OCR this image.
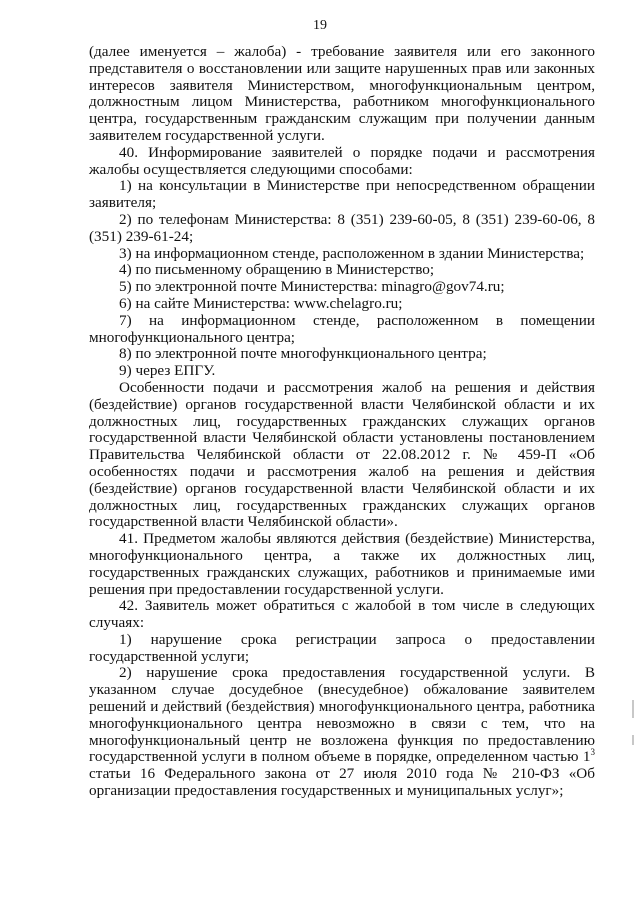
19

(далее именуется – жалоба) - требование заявителя или его законного представителя о восстановлении или защите нарушенных прав или законных интересов заявителя Министерством, многофункциональным центром, должностным лицом Министерства, работником многофункционального центра, государственным гражданским служащим при получении данным заявителем государственной услуги.

40. Информирование заявителей о порядке подачи и рассмотрения жалобы осуществляется следующими способами:

1) на консультации в Министерстве при непосредственном обращении заявителя;

2) по телефонам Министерства: 8 (351) 239-60-05, 8 (351) 239-60-06, 8 (351) 239-61-24;

3) на информационном стенде, расположенном в здании Министерства;

4) по письменному обращению в Министерство;

5) по электронной почте Министерства: minagro@gov74.ru;

6) на сайте Министерства: www.chelagro.ru;

7) на информационном стенде, расположенном в помещении многофункционального центра;

8) по электронной почте многофункционального центра;

9) через ЕПГУ.

Особенности подачи и рассмотрения жалоб на решения и действия (бездействие) органов государственной власти Челябинской области и их должностных лиц, государственных гражданских служащих органов государственной власти Челябинской области установлены постановлением Правительства Челябинской области от 22.08.2012 г. № 459-П «Об особенностях подачи и рассмотрения жалоб на решения и действия (бездействие) органов государственной власти Челябинской области и их должностных лиц, государственных гражданских служащих органов государственной власти Челябинской области».

41. Предметом жалобы являются действия (бездействие) Министерства, многофункционального центра, а также их должностных лиц, государственных гражданских служащих, работников и принимаемые ими решения при предоставлении государственной услуги.

42. Заявитель может обратиться с жалобой в том числе в следующих случаях:

1) нарушение срока регистрации запроса о предоставлении государственной услуги;

2) нарушение срока предоставления государственной услуги. В указанном случае досудебное (внесудебное) обжалование заявителем решений и действий (бездействия) многофункционального центра, работника многофункционального центра невозможно в связи с тем, что на многофункциональный центр не возложена функция по предоставлению государственной услуги в полном объеме в порядке, определенном частью $1^3$ статьи 16 Федерального закона от 27 июля 2010 года № 210-ФЗ «Об организации предоставления государственных и муниципальных услуг»;
